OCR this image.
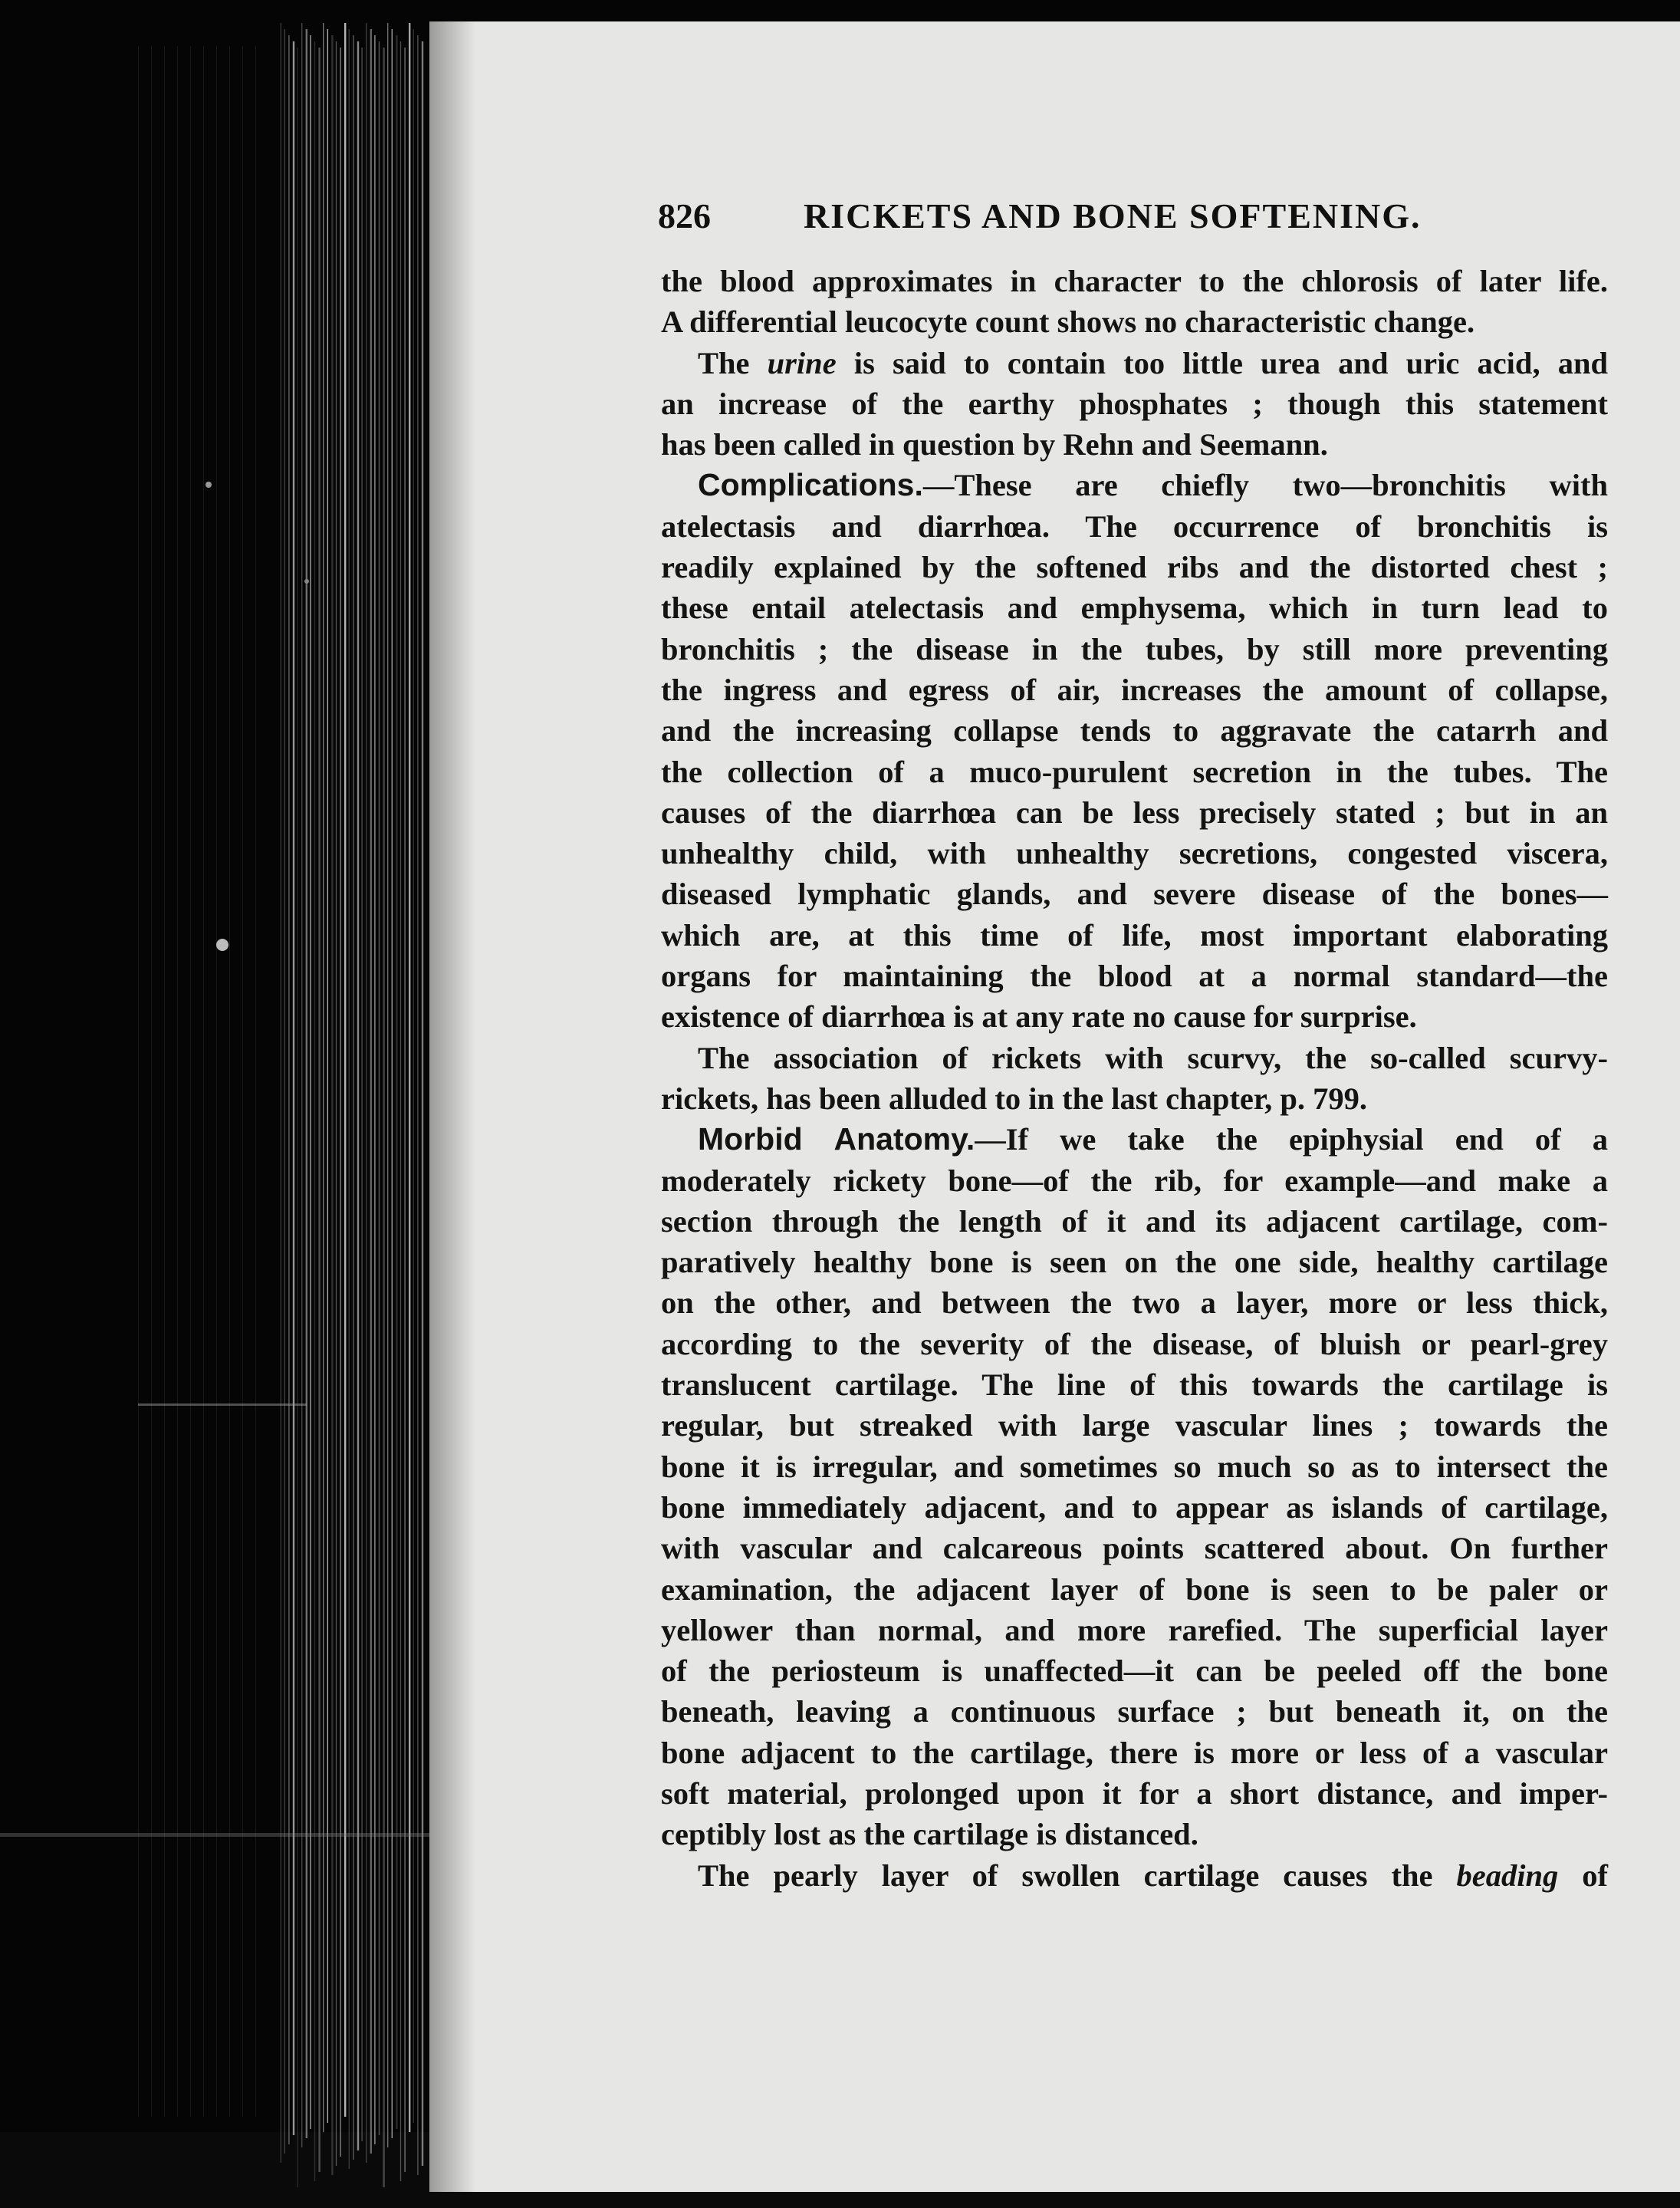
826	RICKETS AND BONE SOFTENING.
the blood approximates in character to the chlorosis of later life.
A differential leucocyte count shows no characteristic change.
The urine is said to contain too little urea and uric acid, and
an increase of the earthy phosphates ; though this statement
has been called in question by Rehn and Seemann.
Complications.—These are chiefly two—bronchitis with
atelectasis and diarrhœa. The occurrence of bronchitis is
readily explained by the softened ribs and the distorted chest ;
these entail atelectasis and emphysema, which in turn lead to
bronchitis ; the disease in the tubes, by still more preventing
the ingress and egress of air, increases the amount of collapse,
and the increasing collapse tends to aggravate the catarrh and
the collection of a muco-purulent secretion in the tubes. The
causes of the diarrhœa can be less precisely stated ; but in an
unhealthy child, with unhealthy secretions, congested viscera,
diseased lymphatic glands, and severe disease of the bones—
which are, at this time of life, most important elaborating
organs for maintaining the blood at a normal standard—the
existence of diarrhœa is at any rate no cause for surprise.
The association of rickets with scurvy, the so-called scurvy-
rickets, has been alluded to in the last chapter, p. 799.
Morbid Anatomy.—If we take the epiphysial end of a
moderately rickety bone—of the rib, for example—and make a
section through the length of it and its adjacent cartilage, com-
paratively healthy bone is seen on the one side, healthy cartilage
on the other, and between the two a layer, more or less thick,
according to the severity of the disease, of bluish or pearl-grey
translucent cartilage. The line of this towards the cartilage is
regular, but streaked with large vascular lines ; towards the
bone it is irregular, and sometimes so much so as to intersect the
bone immediately adjacent, and to appear as islands of cartilage,
with vascular and calcareous points scattered about. On further
examination, the adjacent layer of bone is seen to be paler or
yellower than normal, and more rarefied. The superficial layer
of the periosteum is unaffected—it can be peeled off the bone
beneath, leaving a continuous surface ; but beneath it, on the
bone adjacent to the cartilage, there is more or less of a vascular
soft material, prolonged upon it for a short distance, and imper-
ceptibly lost as the cartilage is distanced.
The pearly layer of swollen cartilage causes the beading of
